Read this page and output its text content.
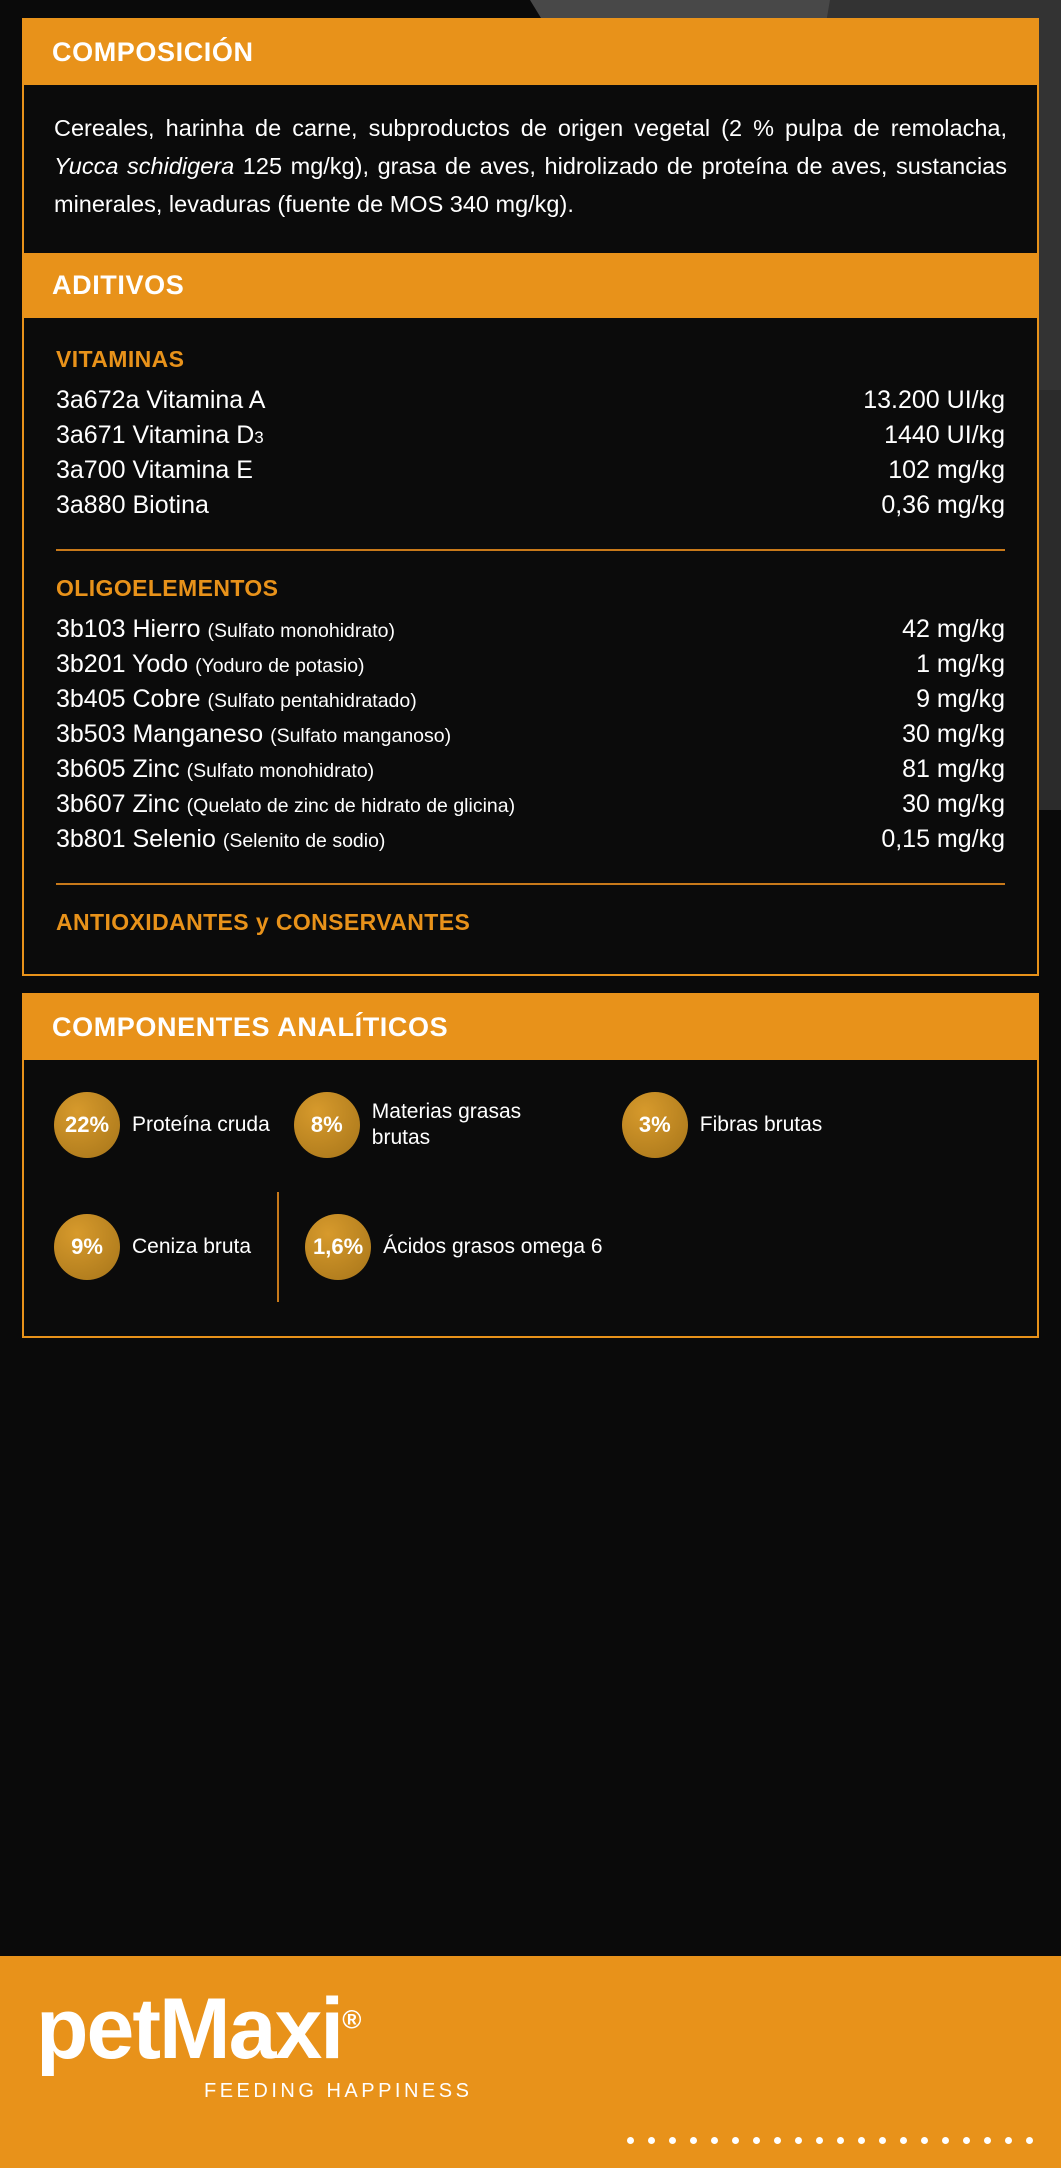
COMPOSICIÓN

Cereales, harinha de carne, subproductos de origen vegetal (2 % pulpa de remolacha, Yucca schidigera 125 mg/kg), grasa de aves, hidrolizado de proteína de aves, sustancias minerales, levaduras (fuente de MOS 340 mg/kg).

ADITIVOS
VITAMINAS
3a672a Vitamina A	13.200 UI/kg
3a671 Vitamina D3	1440 UI/kg
3a700 Vitamina E	102 mg/kg
3a880 Biotina	0,36 mg/kg
OLIGOELEMENTOS
3b103 Hierro (Sulfato monohidrato)	42 mg/kg
3b201 Yodo (Yoduro de potasio)	1 mg/kg
3b405 Cobre (Sulfato pentahidratado)	9 mg/kg
3b503 Manganeso (Sulfato manganoso)	30 mg/kg
3b605 Zinc (Sulfato monohidrato)	81 mg/kg
3b607 Zinc (Quelato de zinc de hidrato de glicina)	30 mg/kg
3b801 Selenio (Selenito de sodio)	0,15 mg/kg
ANTIOXIDANTES y CONSERVANTES
COMPONENTES ANALÍTICOS
22%	Proteína cruda	8%
Materias grasas brutas
3%	Fibras brutas
9%	Ceniza bruta	1,6% Ácidos grasos omega 6
petMaxi®
FEEDING HAPPINESS
